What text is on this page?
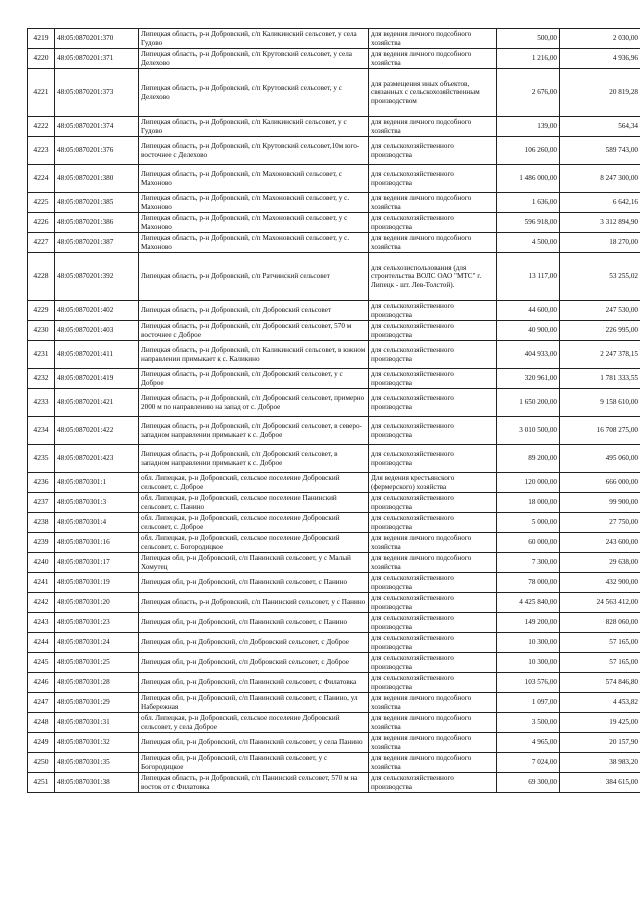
4219	48:05:0870201:370	Липецкая область, р-н Добровский, с/п Каликинский сельсовет, у села Гудово	для ведения личного подсобного хозяйства	500,00	2 030,00
4220	48:05:0870201:371	Липецкая область, р-н Добровский, с/п Крутовский сельсовет, у села Делехово	для ведения личного подсобного хозяйства	1 216,00	4 936,96
4221	48:05:0870201:373	Липецкая область, р-н Добровский, с/п Крутовский сельсовет, у с Делехово	для размещения иных объектов, связанных с сельскохозяйственным производством	2 676,00	20 819,28
4222	48:05:0870201:374	Липецкая область, р-н Добровский, с/п Каликинский сельсовет, у с Гудово	для ведения личного подсобного хозяйства	139,00	564,34
4223	48:05:0870201:376	Липецкая область, р-н Добровский, с/п Крутовский сельсовет,10м юго-восточнее с Делехово	для сельскохозяйственного производства	106 260,00	589 743,00
4224	48:05:0870201:380	Липецкая область, р-н Добровский, с/п Махоновский сельсовет, с Махоново	для сельскохозяйственного производства	1 486 000,00	8 247 300,00
4225	48:05:0870201:385	Липецкая область, р-н Добровский, с/п Махоновский сельсовет, у с. Махоново	для ведения личного подсобного хозяйства	1 636,00	6 642,16
4226	48:05:0870201:386	Липецкая область, р-н Добровский, с/п Махоновский сельсовет, у с Махоново	для сельскохозяйственного производства	596 918,00	3 312 894,90
4227	48:05:0870201:387	Липецкая область, р-н Добровский, с/п Махоновский сельсовет, у с. Махоново	для ведения личного подсобного хозяйства	4 500,00	18 270,00
4228	48:05:0870201:392	Липецкая область, р-н Добровский, с/п Ратчинский сельсовет	для сельхозиспользования (для строительства ВОЛС ОАО "МТС" г. Липецк - шт. Лев-Толстой).	13 117,00	53 255,02
4229	48:05:0870201:402	Липецкая область, р-н Добровский, с/п Добровский сельсовет	для сельскохозяйственного производства	44 600,00	247 530,00
4230	48:05:0870201:403	Липецкая область, р-н Добровский, с/п Добровский сельсовет, 570 м восточнее с Доброе	для сельскохозяйственного производства	40 900,00	226 995,00
4231	48:05:0870201:411	Липецкая область, р-н Добровский, с/п Каликинский сельсовет, в южном направлении примыкает к с. Каликино	для сельскохозяйственного производства	404 933,00	2 247 378,15
4232	48:05:0870201:419	Липецкая область, р-н Добровский, с/п Добровский сельсовет, у с Доброе	для сельскохозяйственного производства	320 961,00	1 781 333,55
4233	48:05:0870201:421	Липецкая область, р-н Добровский, с/п Добровский сельсовет, примерно 2000 м по направлению на запад от с. Доброе	для сельскохозяйственного производства	1 650 200,00	9 158 610,00
4234	48:05:0870201:422	Липецкая область, р-н Добровский, с/п Добровский сельсовет, в северо-западном направлении примыкает к с. Доброе	для сельскохозяйственного производства	3 010 500,00	16 708 275,00
4235	48:05:0870201:423	Липецкая область, р-н Добровский, с/п Добровский сельсовет, в западном направлении примыкает к с. Доброе	для сельскохозяйственного производства	89 200,00	495 060,00
4236	48:05:0870301:1	обл. Липецкая, р-н Добровский, сельское поселение Добровский сельсовет, с. Доброе	Для ведения крестьянского (фермерского) хозяйства	120 000,00	666 000,00
4237	48:05:0870301:3	обл. Липецкая, р-н Добровский, сельское поселение Панинский сельсовет, с. Панино	для сельскохозяйственного производства	18 000,00	99 900,00
4238	48:05:0870301:4	обл. Липецкая, р-н Добровский, сельское поселение Добровский сельсовет, с. Доброе	для сельскохозяйственного производства	5 000,00	27 750,00
4239	48:05:0870301:16	обл. Липецкая, р-н Добровский, сельское поселение Добровский сельсовет, с. Богородицкое	для ведения личного подсобного хозяйства	60 000,00	243 600,00
4240	48:05:0870301:17	Липецкая обл, р-н Добровский, с/п Панинский сельсовет, у с Малый Хомутец	для ведения личного подсобного хозяйства	7 300,00	29 638,00
4241	48:05:0870301:19	Липецкая обл, р-н Добровский, с/п Панинский сельсовет, с Панино	для сельскохозяйственного производства	78 000,00	432 900,00
4242	48:05:0870301:20	Липецкая область, р-н Добровский, с/п Панинский сельсовет, у с Панино	для сельскохозяйственного производства	4 425 840,00	24 563 412,00
4243	48:05:0870301:23	Липецкая обл, р-н Добровский, с/п Панинский сельсовет, с Панино	для сельскохозяйственного производства	149 200,00	828 060,00
4244	48:05:0870301:24	Липецкая обл, р-н Добровский, с/п Добровский сельсовет, с Доброе	для сельскохозяйственного производства	10 300,00	57 165,00
4245	48:05:0870301:25	Липецкая обл, р-н Добровский, с/п Добровский сельсовет, с Доброе	для сельскохозяйственного производства	10 300,00	57 165,00
4246	48:05:0870301:28	Липецкая обл, р-н Добровский, с/п Панинский сельсовет, с Филатовка	для сельскохозяйственного производства	103 576,00	574 846,80
4247	48:05:0870301:29	Липецкая обл, р-н Добровский, с/п Панинский сельсовет, с Панино, ул Набережная	для ведения личного подсобного хозяйства	1 097,00	4 453,82
4248	48:05:0870301:31	обл. Липецкая, р-н Добровский, сельское поселение Добровский сельсовет, у села Доброе	для ведения личного подсобного хозяйства	3 500,00	19 425,00
4249	48:05:0870301:32	Липецкая обл, р-н Добровский, с/п Панинский сельсовет, у села Панино	для ведения личного подсобного хозяйства	4 965,00	20 157,90
4250	48:05:0870301:35	Липецкая обл, р-н Добровский, с/п Панинский сельсовет, у с Богородицкое	для ведения личного подсобного хозяйства	7 024,00	38 983,20
4251	48:05:0870301:38	Липецкая область, р-н Добровский, с/п Панинский сельсовет, 570 м на восток от с Филатовка	для сельскохозяйственного производства	69 300,00	384 615,00
